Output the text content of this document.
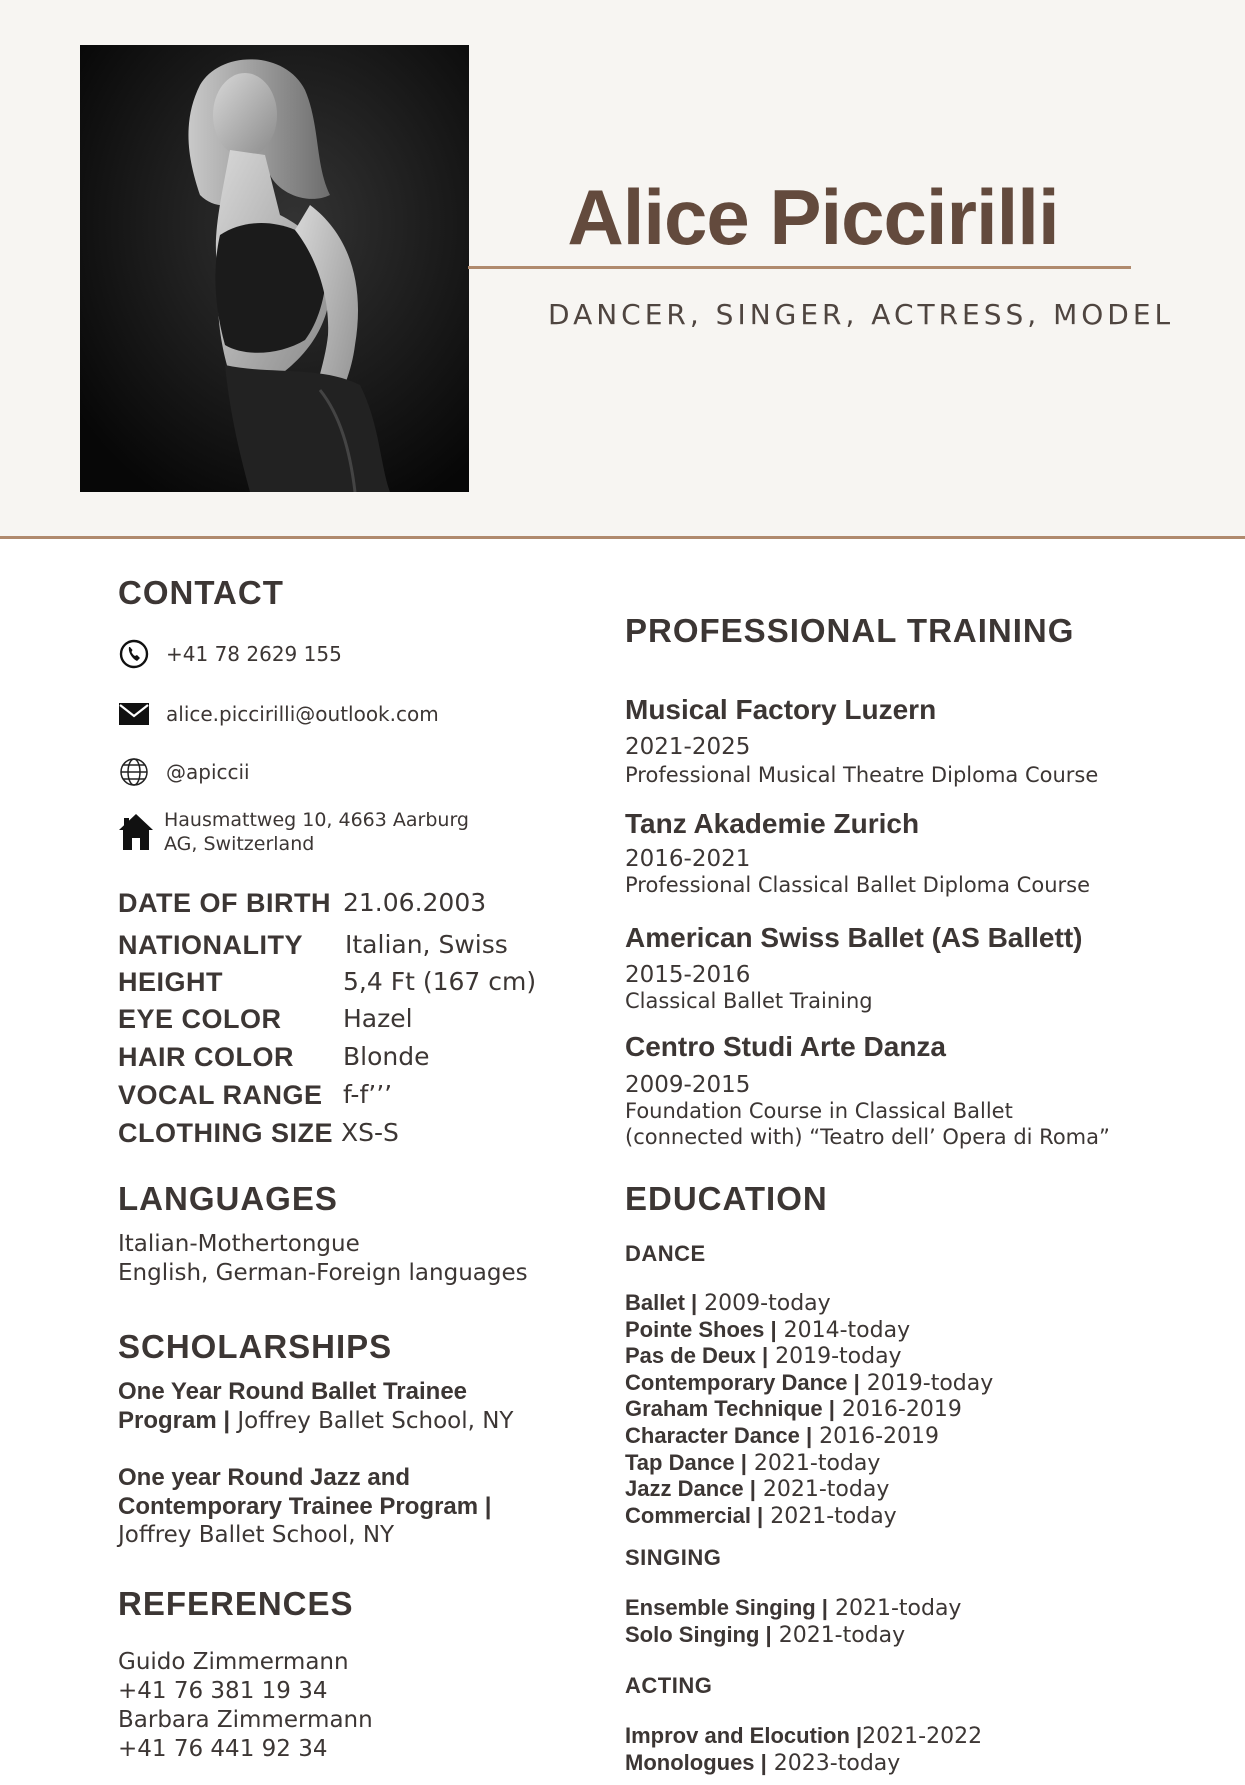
Alice Piccirilli
DANCER, SINGER, ACTRESS, MODEL
CONTACT
+41 78 2629 155
alice.piccirilli@outlook.com
@apiccii
Hausmattweg 10, 4663 Aarburg
AG, Switzerland
DATE OF BIRTH 21.06.2003
NATIONALITY Italian, Swiss
HEIGHT	5,4 Ft (167 cm)
EYE COLOR Hazel
HAIR COLOR Blonde
VOCAL RANGE f-f’’’
CLOTHING SIZE XS-S
LANGUAGES
Italian-Mothertongue
English, German-Foreign languages
SCHOLARSHIPS
One Year Round Ballet Trainee
Program | Joffrey Ballet School, NY
One year Round Jazz and
Contemporary Trainee Program |
Joffrey Ballet School, NY
REFERENCES
Guido Zimmermann
+41 76 381 19 34
Barbara Zimmermann
+41 76 441 92 34
PROFESSIONAL TRAINING
Musical Factory Luzern
2021-2025
Professional Musical Theatre Diploma Course
Tanz Akademie Zurich
2016-2021
Professional Classical Ballet Diploma Course
American Swiss Ballet (AS Ballett)
2015-2016
Classical Ballet Training
Centro Studi Arte Danza
2009-2015
Foundation Course in Classical Ballet
(connected with) “Teatro dell’ Opera di Roma”
EDUCATION
DANCE
Ballet | 2009-today
Pointe Shoes | 2014-today
Pas de Deux | 2019-today
Contemporary Dance | 2019-today
Graham Technique | 2016-2019
Character Dance | 2016-2019
Tap Dance | 2021-today
Jazz Dance | 2021-today
Commercial | 2021-today
SINGING
Ensemble Singing | 2021-today
Solo Singing | 2021-today
ACTING
Improv and Elocution |2021-2022
Monologues | 2023-today
